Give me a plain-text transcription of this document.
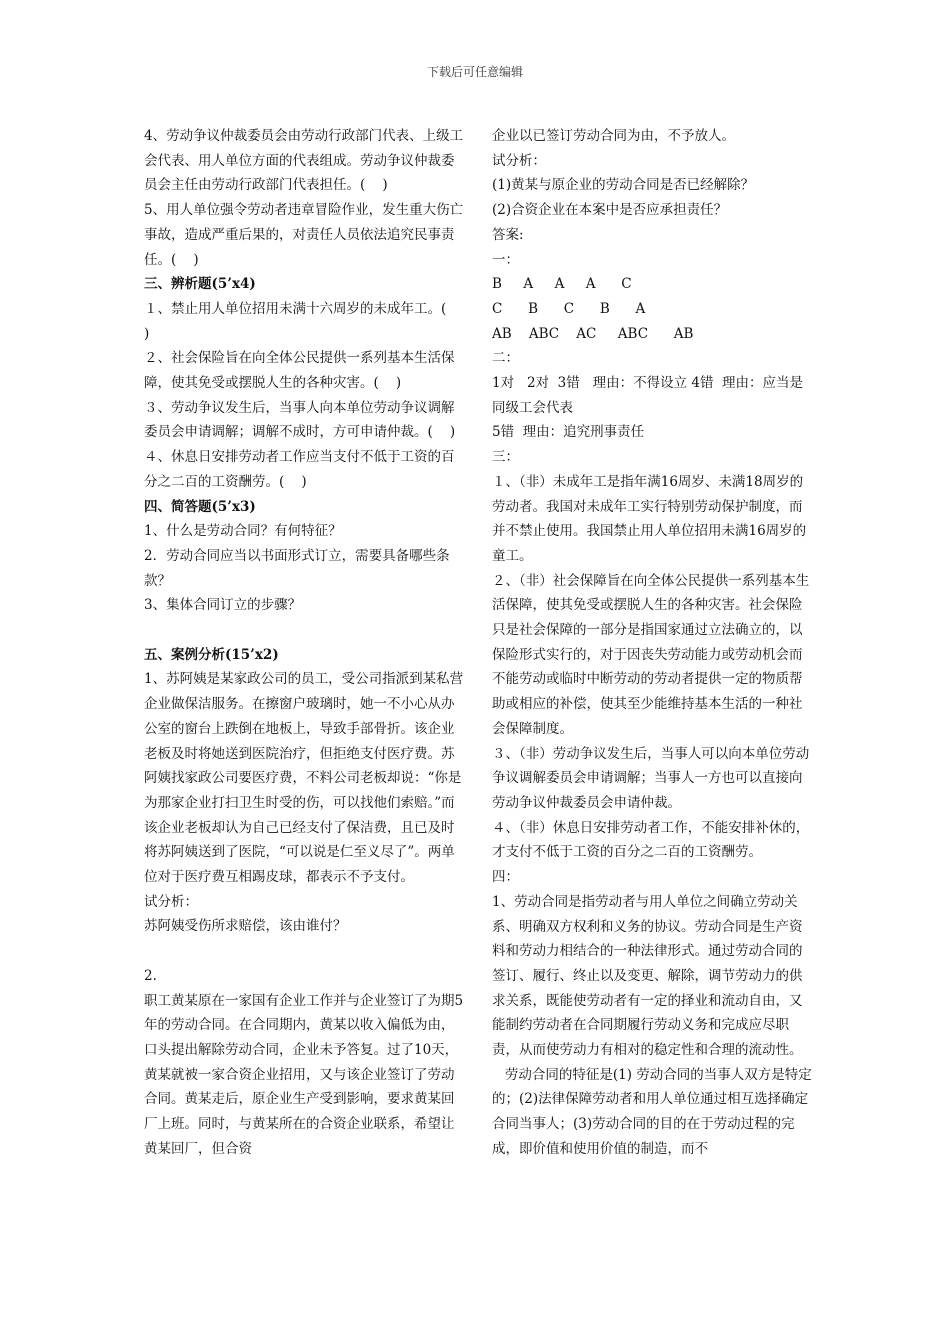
下载后可任意编辑

4、劳动争议仲裁委员会由劳动行政部门代表、上级工会代表、用人单位方面的代表组成。劳动争议仲裁委员会主任由劳动行政部门代表担任。(    )

5、用人单位强令劳动者违章冒险作业，发生重大伤亡事故，造成严重后果的，对责任人员依法追究民事责任。(    )

三、辨析题(5’x4)

１、禁止用人单位招用未满十六周岁的未成年工。(    )

２、社会保险旨在向全体公民提供一系列基本生活保障，使其免受或摆脱人生的各种灾害。(    )

３、劳动争议发生后，当事人向本单位劳动争议调解委员会申请调解；调解不成时，方可申请仲裁。(    )

４、休息日安排劳动者工作应当支付不低于工资的百分之二百的工资酬劳。(    )

四、简答题(5’x3)

1、什么是劳动合同？有何特征？

2．劳动合同应当以书面形式订立，需要具备哪些条款？

3、集体合同订立的步骤？

五、案例分析(15’x2)

1、苏阿姨是某家政公司的员工，受公司指派到某私营企业做保洁服务。在擦窗户玻璃时，她一不小心从办公室的窗台上跌倒在地板上，导致手部骨折。该企业老板及时将她送到医院治疗，但拒绝支付医疗费。苏阿姨找家政公司要医疗费，不料公司老板却说：“你是为那家企业打扫卫生时受的伤，可以找他们索赔。”而该企业老板却认为自己已经支付了保洁费，且已及时将苏阿姨送到了医院，“可以说是仁至义尽了”。两单位对于医疗费互相踢皮球，都表示不予支付。

试分析：

苏阿姨受伤所求赔偿，该由谁付？

2.

职工黄某原在一家国有企业工作并与企业签订了为期5年的劳动合同。在合同期内，黄某以收入偏低为由，口头提出解除劳动合同，企业未予答复。过了10天，黄某就被一家合资企业招用，又与该企业签订了劳动合同。黄某走后，原企业生产受到影响，要求黄某回厂上班。同时，与黄某所在的合资企业联系，希望让黄某回厂，但合资

企业以已签订劳动合同为由，不予放人。

试分析：

(1)黄某与原企业的劳动合同是否已经解除？

(2)合资企业在本案中是否应承担责任？

答案:

一：

B     A     A     A      C

C      B      C      B      A

AB    ABC    AC     ABC      AB

二：

1对   2对  3错   理由：不得设立 4错  理由：应当是同级工会代表

5错  理由：追究刑事责任

三：

１、（非）未成年工是指年满16周岁、未满18周岁的劳动者。我国对未成年工实行特别劳动保护制度，而并不禁止使用。我国禁止用人单位招用未满16周岁的童工。

２、（非）社会保障旨在向全体公民提供一系列基本生活保障，使其免受或摆脱人生的各种灾害。社会保险只是社会保障的一部分是指国家通过立法确立的，以保险形式实行的，对于因丧失劳动能力或劳动机会而不能劳动或临时中断劳动的劳动者提供一定的物质帮助或相应的补偿，使其至少能维持基本生活的一种社会保障制度。

３、（非）劳动争议发生后，当事人可以向本单位劳动争议调解委员会申请调解；当事人一方也可以直接向劳动争议仲裁委员会申请仲裁。

４、（非）休息日安排劳动者工作，不能安排补休的，才支付不低于工资的百分之二百的工资酬劳。

四：

1、劳动合同是指劳动者与用人单位之间确立劳动关系、明确双方权利和义务的协议。劳动合同是生产资料和劳动力相结合的一种法律形式。通过劳动合同的签订、履行、终止以及变更、解除，调节劳动力的供求关系，既能使劳动者有一定的择业和流动自由，又能制约劳动者在合同期履行劳动义务和完成应尽职责，从而使劳动力有相对的稳定性和合理的流动性。

劳动合同的特征是(1) 劳动合同的当事人双方是特定的；(2)法律保障劳动者和用人单位通过相互选择确定合同当事人；(3)劳动合同的目的在于劳动过程的完成，即价值和使用价值的制造，而不
